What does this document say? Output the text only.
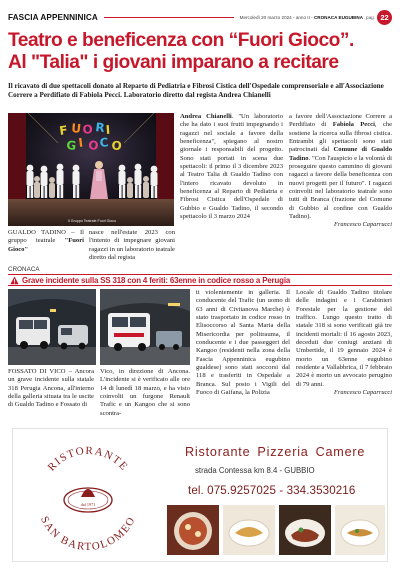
FASCIA APPENNINICA	Mercoledì 20 marzo 2024 - anno II - CRONACA EUGUBINA pag. 22
Teatro e beneficenza con “Fuori Gioco”.
Al "Talia" i giovani imparano a recitare
Il ricavato di due spettacoli donato al Reparto di Pediatria e Fibrosi Cistica dell'Ospedale comprensoriale e all'Associazione Correre a Perdifiato di Fabiola Pecci. Laboratorio diretto dal regista Andrea Chianelli
F U O R I
G I O C O
Il Gruppo Teatrale Fuori Gioco

GUALDO TADINO – Il gruppo teatrale "Fuori Gioco"

nasce nell'estate 2023 con l'intento di impegnare giovani ragazzi in un laboratorio teatrale diretto dal regista

Andrea Chianelli. "Un laboratorio che ha dato i suoi frutti impegnando i ragazzi nel sociale a favore della beneficenza", spiegano al nostro giornale i responsabili del progetto. Sono stati portati in scena due spettacoli: il primo il 3 dicembre 2023 al Teatro Talia di Gualdo Tadino con l'intero ricavato devoluto in beneficenza al Reparto di Pediatria e Fibrosi Cistica dell'Ospedale di Gubbio e Gualdo Tadino, il secondo spettacolo il 3 marzo 2024

a favore dell'Associazione Correre a Perdifiato di Fabiola Pecci, che sostiene la ricerca sulla fibrosi cistica. Entrambi gli spettacoli sono stati patrocinati dal Comune di Gualdo Tadino. "Con l'auspicio e la volontà di proseguire questo cammino di giovani ragazzi a favore della beneficenza con nuovi progetti per il futuro". I ragazzi coinvolti nel laboratorio teatrale sono tutti di Branca (frazione del Comune di Gubbio al confine con Gualdo Tadino).

Francesco Caparrucci

CRONACA
Grave incidente sulla SS 318 con 4 feriti: 63enne in codice rosso a Perugia

FOSSATO DI VICO – Ancora un grave incidente sulla statale 318 Perugia Ancona, all'interno della galleria situata tra le uscite di Gualdo Tadino e Fossato di

Vico, in direzione di Ancona. L'incidente si è verificato alle ore 14 di lunedì 18 marzo, e ha visto coinvolti un furgone Renault Trafic e un Kangoo che si sono scontra-

ti violentemente in galleria. Il conducente del Trafic (un uomo di 63 anni di Civitanova Marche) è stato trasportato in codice rosso in Elisoccorso al Santa Maria della Misericordia per politrauma, il conducente e i due passeggeri del Kangoo (residenti nella zona della Fascia Appenninica eugubino gualdese) sono stati soccorsi dal 118 e trasferiti in Ospedale a Branca. Sul posto i Vigili del Fuoco di Gaifana, la Polizia

Locale di Gualdo Tadino titolare delle indagini e i Carabinieri Forestale per la gestione del traffico. Lungo questo tratto di statale 318 si sono verificati già tre incidenti mortali: il 16 agosto 2023, deceduti due coniugi anziani di Umbertide, il 19 gennaio 2024 è morto un 63enne eugubino residente a Vallabbrica, il 7 febbraio 2024 è morto un avvocato perugino di 79 anni.

Francesco Caparrucci

RISTORANTE
SAN BARTOLOMEO
dal 1971
Ristorante Pizzeria Camere
strada Contessa km 8.4 - GUBBIO
tel. 075.9257025 - 334.3530216
